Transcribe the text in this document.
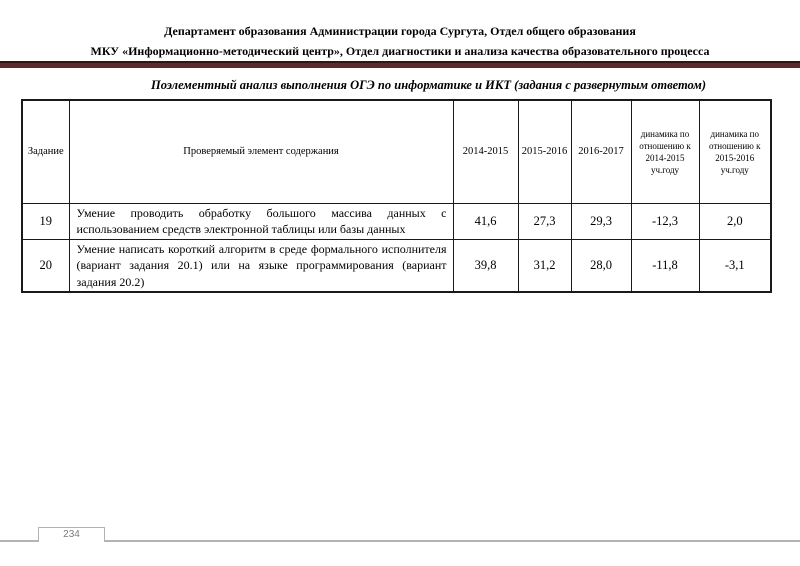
Департамент образования Администрации города Сургута, Отдел общего образования
МКУ «Информационно-методический центр», Отдел диагностики и анализа качества образовательного процесса
Поэлементный анализ выполнения ОГЭ по информатике и ИКТ (задания с развернутым ответом)
Задание	Проверяемый элемент содержания	2014-2015	2015-2016	2016-2017	динамика по отношению к 2014-2015 уч.году	динамика по отношению к 2015-2016 уч.году
19	Умение проводить обработку большого массива данных с использованием средств электронной таблицы или базы данных	41,6	27,3	29,3	-12,3	2,0
20	Умение написать короткий алгоритм в среде формального исполнителя (вариант задания 20.1) или на языке программирования (вариант задания 20.2)	39,8	31,2	28,0	-11,8	-3,1
234
